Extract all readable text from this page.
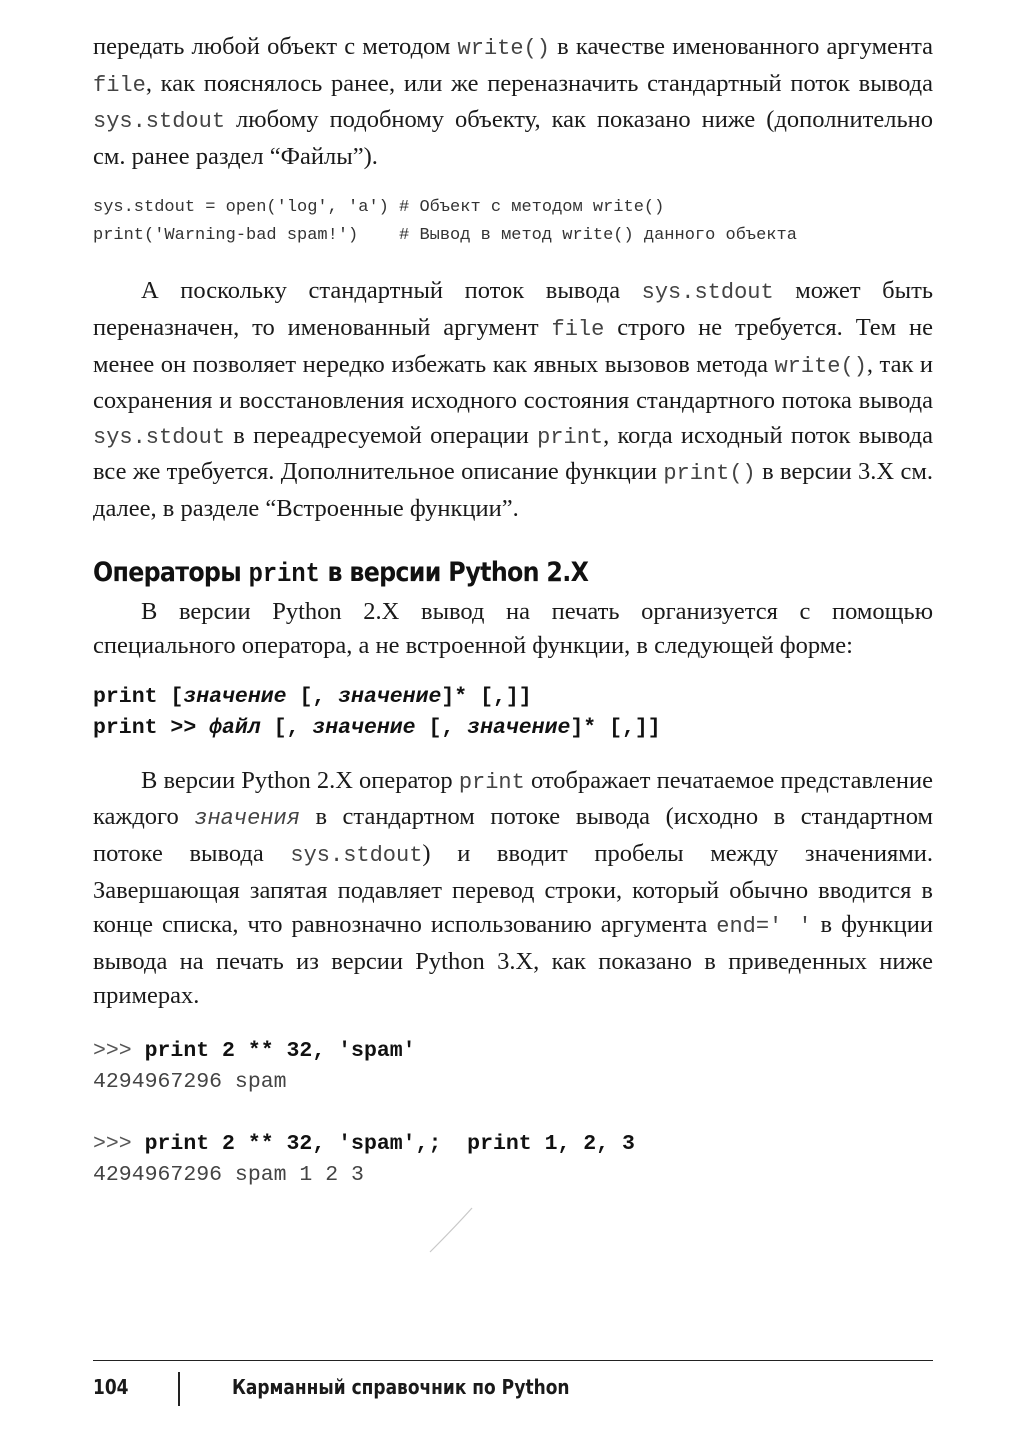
передать любой объект с методом write() в качестве именованного аргумента file, как пояснялось ранее, или же переназначить стандартный поток вывода sys.stdout любому подобному объекту, как показано ниже (дополнительно см. ранее раздел “Файлы”).

sys.stdout = open('log', 'a') # Объект с методом write()
print('Warning-bad spam!')    # Вывод в метод write() данного объекта

А поскольку стандартный поток вывода sys.stdout может быть переназначен, то именованный аргумент file строго не требуется. Тем не менее он позволяет нередко избежать как явных вызовов метода write(), так и сохранения и восстановления исходного состояния стандартного потока вывода sys.stdout в переадресуемой операции print, когда исходный поток вывода все же требуется. Дополнительное описание функции print() в версии 3.X см. далее, в разделе “Встроенные функции”.

Операторы print в версии Python 2.X

В версии Python 2.X вывод на печать организуется с помощью специального оператора, а не встроенной функции, в следующей форме:

print [значение [, значение]* [,]]
print >> файл [, значение [, значение]* [,]]

В версии Python 2.X оператор print отображает печатаемое представление каждого значения в стандартном потоке вывода (исходно в стандартном потоке вывода sys.stdout) и вводит пробелы между значениями. Завершающая запятая подавляет перевод строки, который обычно вводится в конце списка, что равнозначно использованию аргумента end=' ' в функции вывода на печать из версии Python 3.X, как показано в приведенных ниже примерах.

>>> print 2 ** 32, 'spam'
4294967296 spam
>>> print 2 ** 32, 'spam',;  print 1, 2, 3
4294967296 spam 1 2 3
104	Карманный справочник по Python
